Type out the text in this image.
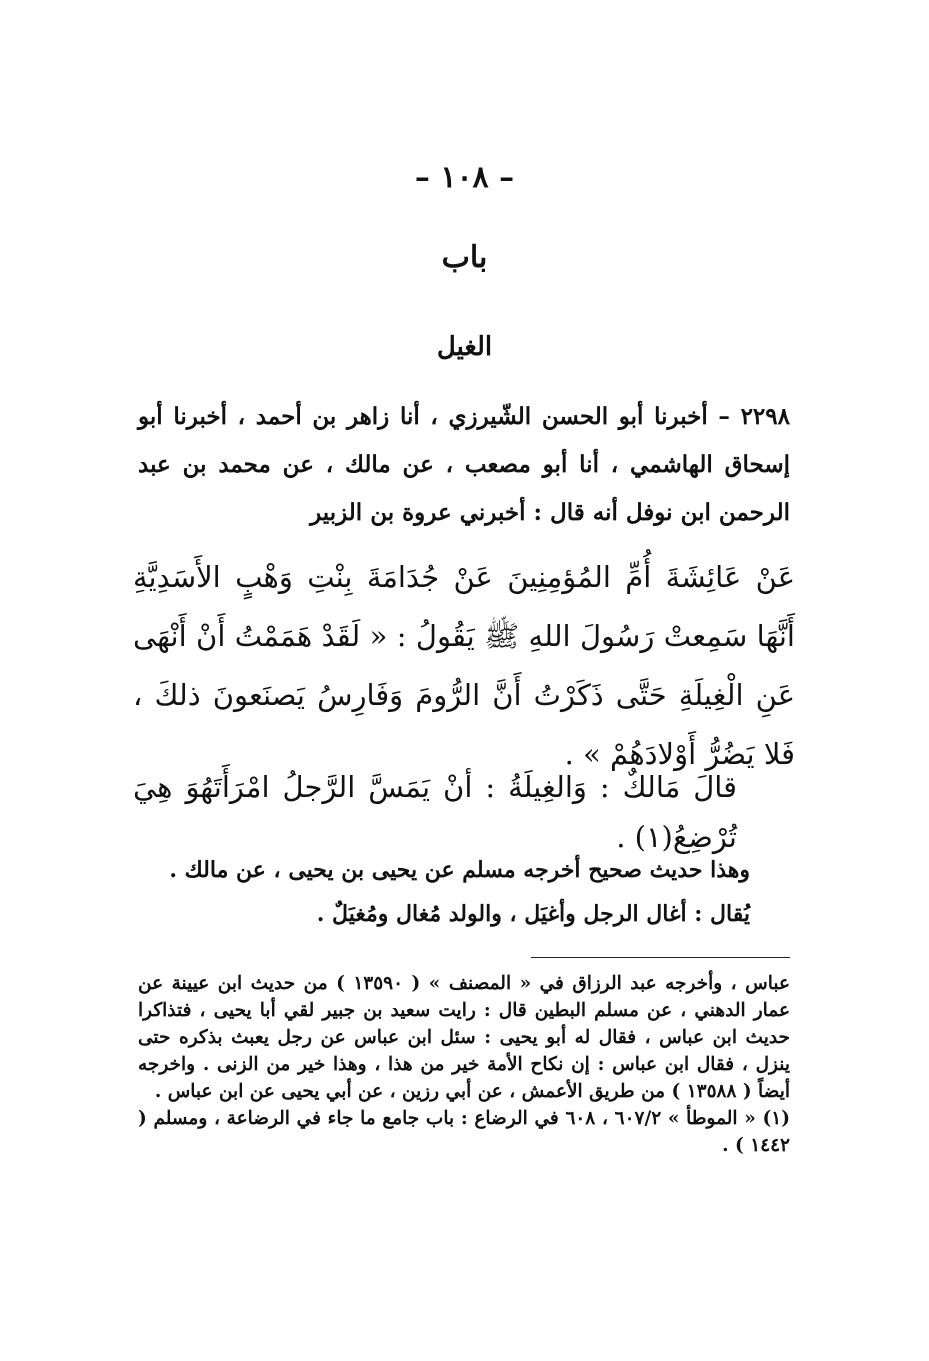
– ١٠٨ –
باب
الغيل
٢٢٩٨ – أخبرنا أبو الحسن الشّيرزي ، أنا زاهر بن أحمد ، أخبرنا أبو إسحاق الهاشمي ، أنا أبو مصعب ، عن مالك ، عن محمد بن عبد الرحمن ابن نوفل أنه قال : أخبرني عروة بن الزبير
عَنْ عَائِشَةَ أُمِّ المُؤمِنِينَ عَنْ جُدَامَةَ بِنْتِ وَهْبٍ الأَسَدِيَّةِ أَنَّهَا سَمِعتْ رَسُولَ اللهِ ﷺ يَقُولُ : « لَقَدْ هَمَمْتُ أَنْ أَنْهَى عَنِ الْغِيلَةِ حَتَّى ذَكَرْتُ أَنَّ الرُّومَ وَفَارِسُ يَصنَعونَ ذلكَ ، فَلا يَضُرُّ أَوْلادَهُمْ » .
قالَ مَالكٌ : وَالغِيلَةُ : أنْ يَمَسَّ الرَّجلُ امْرَأَتَهُوَ هِيَ تُرْضِعُ(١) .
وهذا حديث صحيح أخرجه مسلم عن يحيى بن يحيى ، عن مالك .
يُقال : أغال الرجل وأغيَل ، والولد مُغال ومُغيَلٌ .

عباس ، وأخرجه عبد الرزاق في « المصنف » ( ١٣٥٩٠ ) من حديث ابن عيينة عن عمار الدهني ، عن مسلم البطين قال : رايت سعيد بن جبير لقي أبا يحيى ، فتذاكرا حديث ابن عباس ، فقال له أبو يحيى : سئل ابن عباس عن رجل يعبث بذكره حتى ينزل ، فقال ابن عباس : إن نكاح الأمة خير من هذا ، وهذا خير من الزنى . واخرجه أيضاً ( ١٣٥٨٨ ) من طريق الأعمش ، عن أبي رزين ، عن أبي يحيى عن ابن عباس .

(١) « الموطأ » ٦٠٧/٢ ، ٦٠٨ في الرضاع : باب جامع ما جاء في الرضاعة ، ومسلم ( ١٤٤٢ ) .
